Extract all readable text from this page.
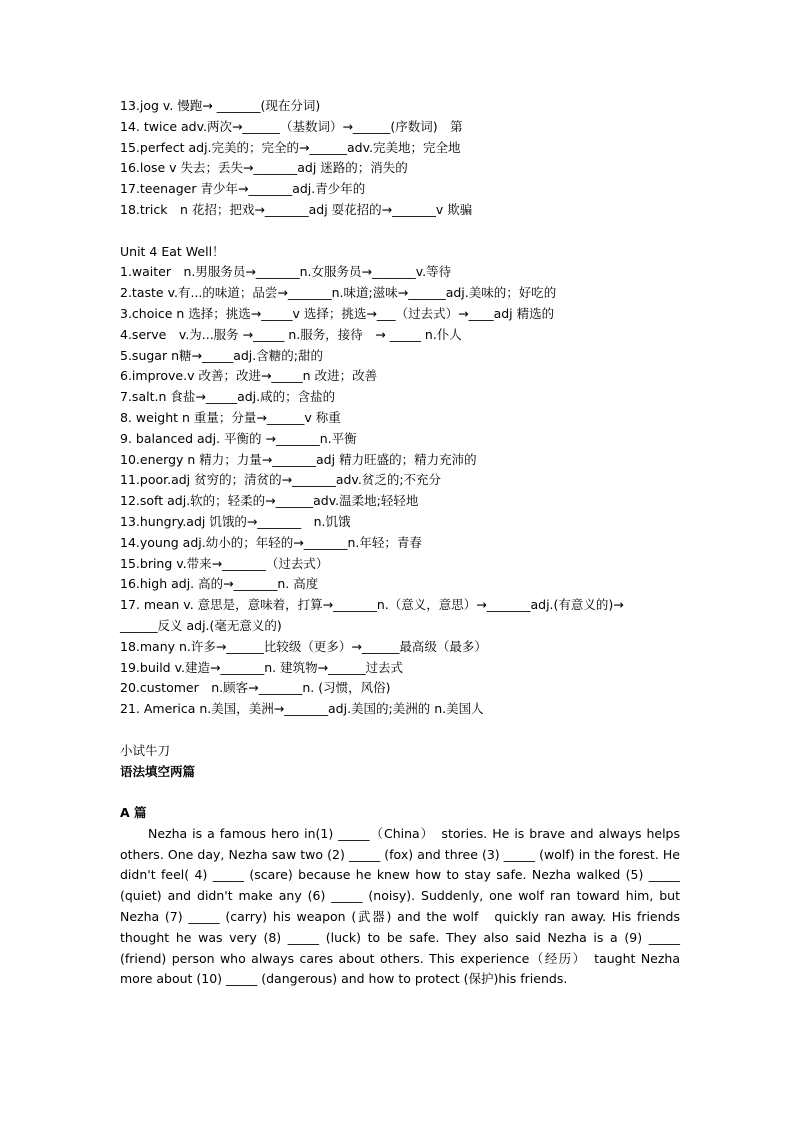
13.jog v. 慢跑→ _______(现在分词)
14. twice adv.两次→______（基数词）→______(序数词)　第
15.perfect adj.完美的；完全的→______adv.完美地；完全地
16.lose v 失去；丢失→_______adj 迷路的；消失的
17.teenager 青少年→_______adj.青少年的
18.trick　n 花招；把戏→_______adj 耍花招的→_______v 欺骗
Unit 4 Eat Well！
1.waiter　n.男服务员→_______n.女服务员→_______v.等待
2.taste v.有...的味道；品尝→_______n.味道;滋味→______adj.美味的；好吃的
3.choice n 选择；挑选→_____v 选择；挑选→___（过去式）→____adj 精选的
4.serve　v.为...服务 →_____ n.服务，接待　→ _____ n.仆人
5.sugar n糖→_____adj.含糖的;甜的
6.improve.v 改善；改进→_____n 改进；改善
7.salt.n 食盐→_____adj.咸的；含盐的
8. weight n 重量；分量→______v 称重
9. balanced adj. 平衡的 →_______n.平衡
10.energy n 精力；力量→_______adj 精力旺盛的；精力充沛的
11.poor.adj 贫穷的；清贫的→_______adv.贫乏的;不充分
12.soft adj.软的；轻柔的→______adv.温柔地;轻轻地
13.hungry.adj 饥饿的→_______　n.饥饿
14.young adj.幼小的；年轻的→_______n.年轻；青春
15.bring v.带来→_______（过去式）
16.high adj. 高的→_______n. 高度
17. mean v. 意思是，意味着，打算→_______n.（意义，意思）→_______adj.(有意义的)→
______反义 adj.(毫无意义的)
18.many n.许多→______比较级（更多）→______最高级（最多）
19.build v.建造→_______n. 建筑物→______过去式
20.customer　n.顾客→_______n. (习惯，风俗)
21. America n.美国，美洲→_______adj.美国的;美洲的 n.美国人
小试牛刀
语法填空两篇
A 篇
Nezha is a famous hero in(1) _____（China）　stories. He is brave and always helps others. One day, Nezha saw two (2) _____ (fox) and three (3) _____ (wolf) in the forest. He didn't feel( 4) _____ (scare) because he knew how to stay safe. Nezha walked (5) _____ (quiet) and didn't make any (6) _____ (noisy). Suddenly, one wolf ran toward him, but Nezha (7) _____ (carry) his weapon (武器) and the wolf　quickly ran away. His friends thought he was very (8) _____ (luck) to be safe. They also said Nezha is a (9) _____ (friend) person who always cares about others. This experience（经历）　taught Nezha more about (10) _____ (dangerous) and how to protect (保护)his friends.
